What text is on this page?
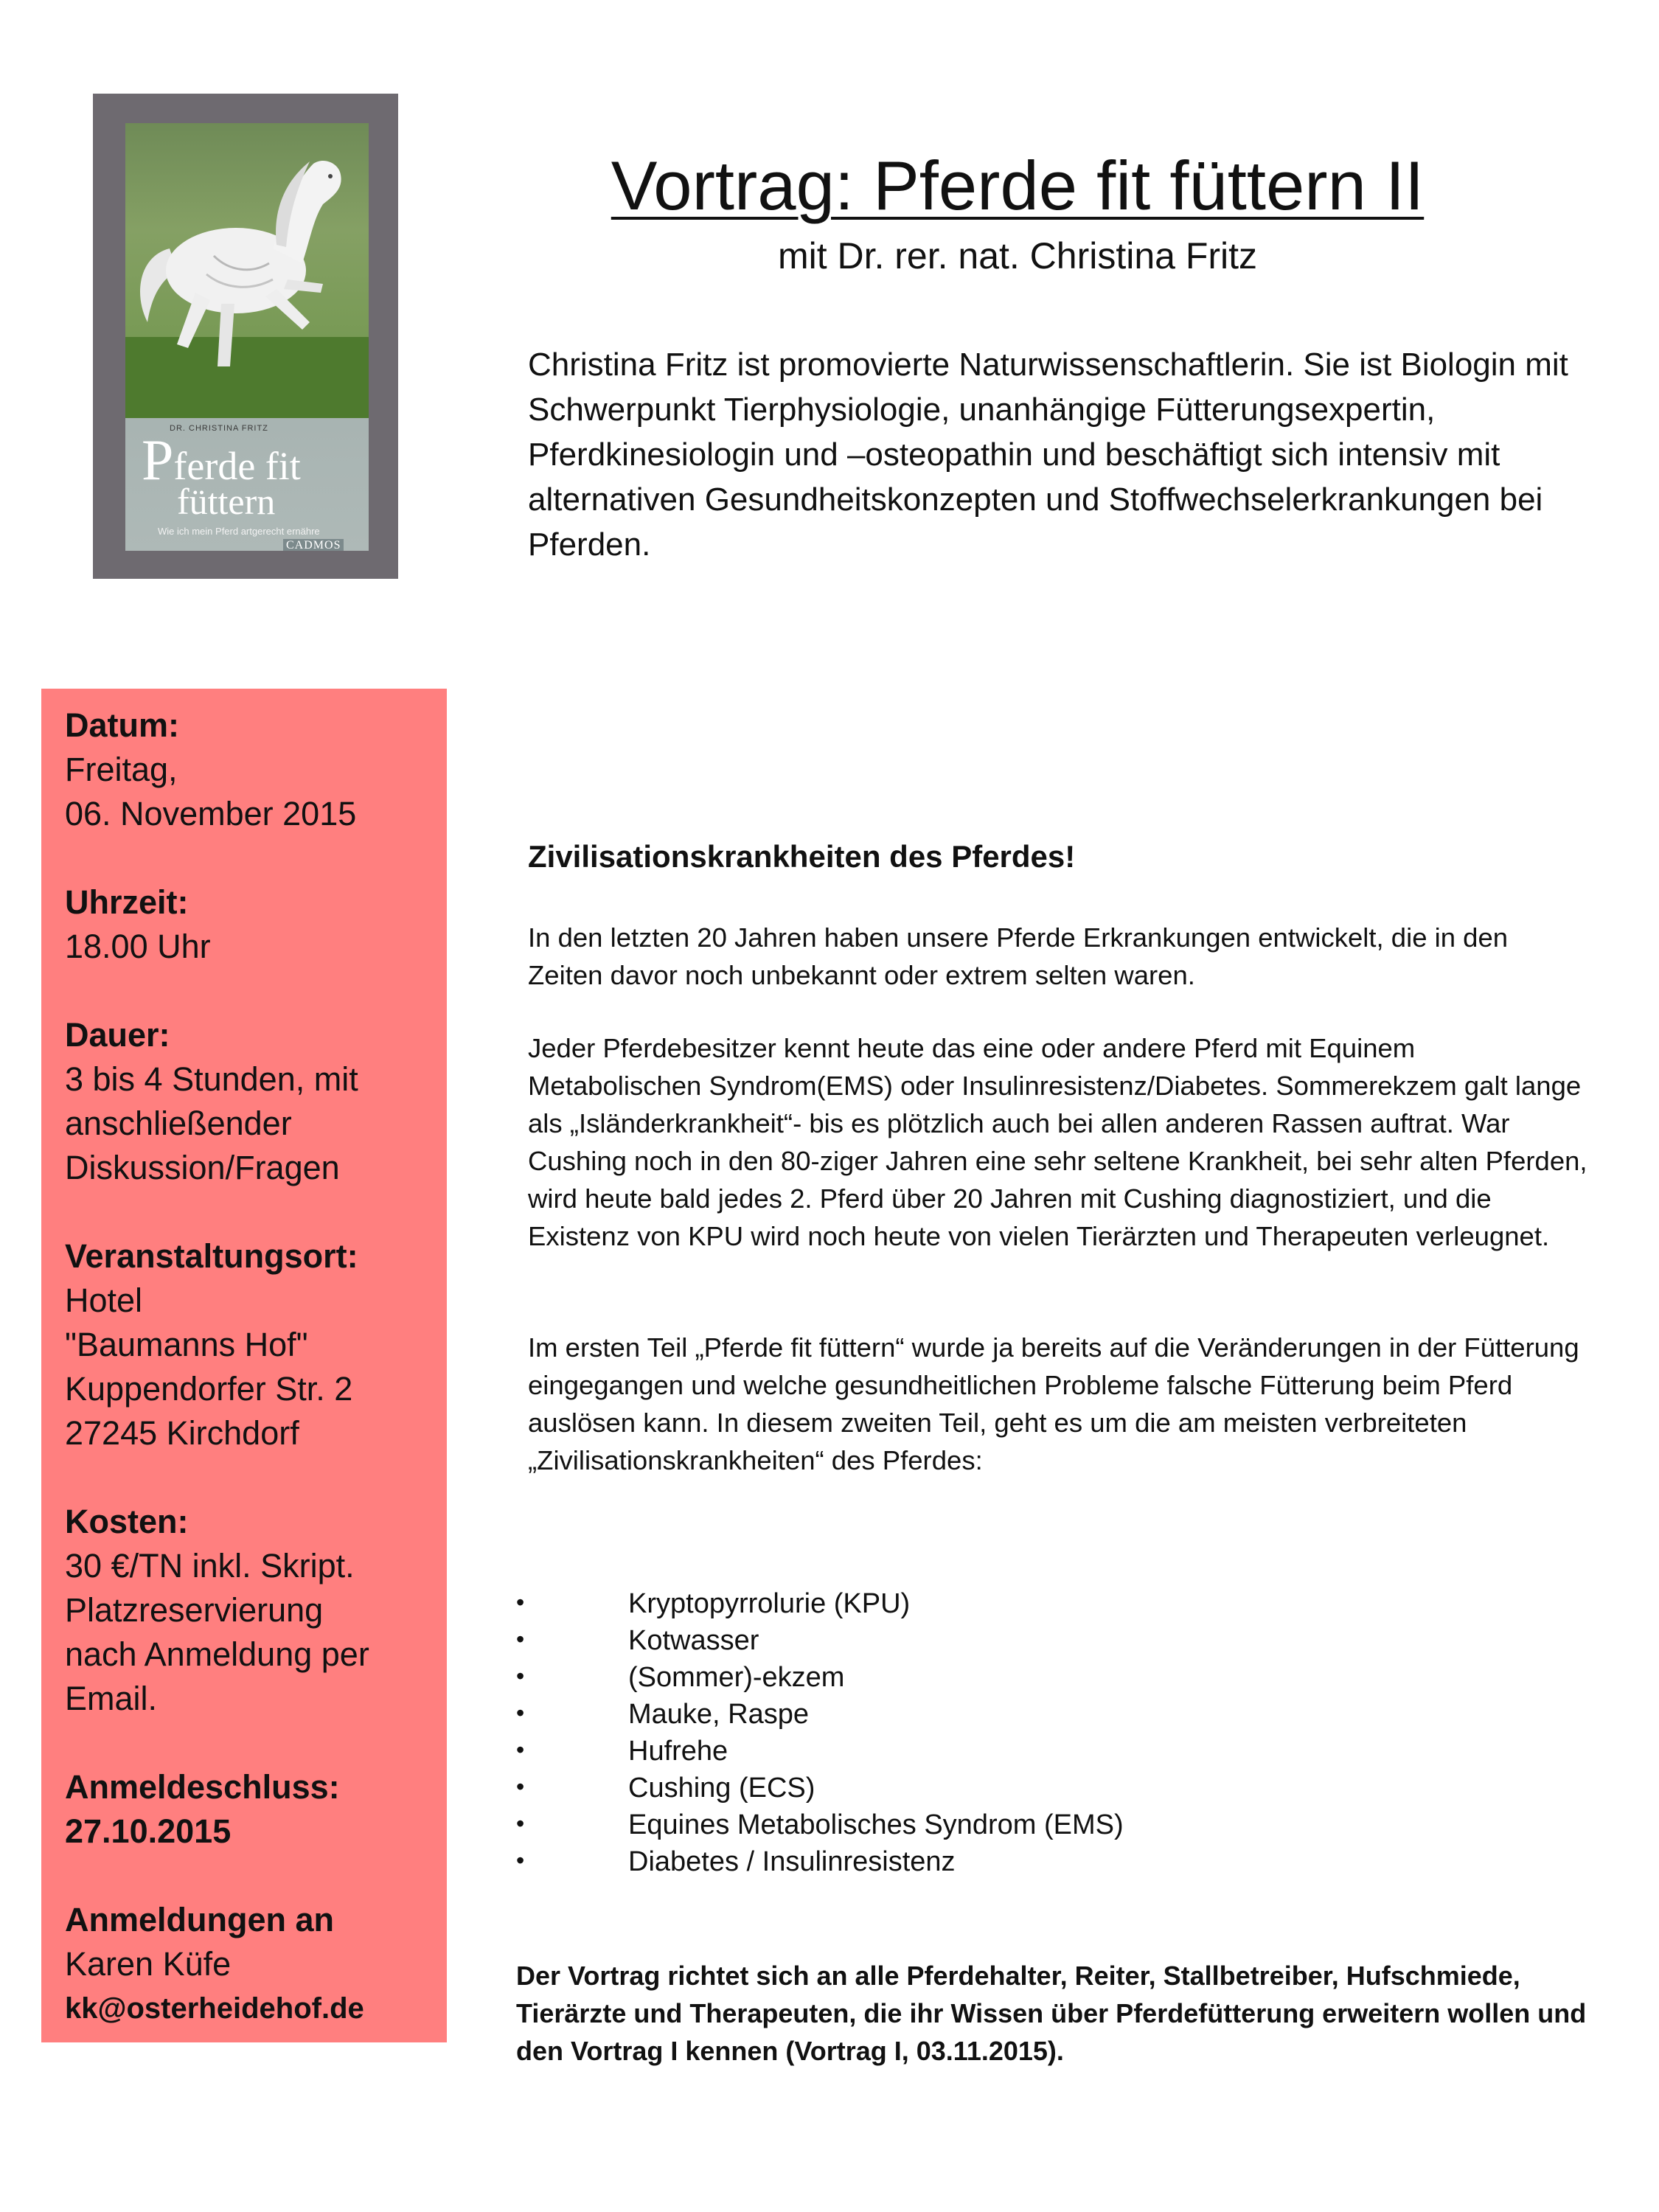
DR. CHRISTINA FRITZ
Pferde fit
füttern
Wie ich mein Pferd artgerecht ernähre
CADMOS
Vortrag: Pferde fit füttern II
mit Dr. rer. nat. Christina Fritz
Christina Fritz ist promovierte Naturwissenschaftlerin. Sie ist Biologin mit Schwerpunkt Tierphysiologie, unanhängige Fütterungsexpertin, Pferdkinesiologin und –osteopathin und beschäftigt sich intensiv mit alternativen Gesundheitskonzepten und Stoffwechselerkrankungen bei Pferden.
Datum:
Freitag,
06. November 2015
Uhrzeit:
18.00 Uhr
Dauer:
3 bis 4 Stunden, mit
anschließender
Diskussion/Fragen
Veranstaltungsort:
Hotel
"Baumanns Hof"
Kuppendorfer Str. 2
27245 Kirchdorf
Kosten:
30 €/TN inkl. Skript.
Platzreservierung
nach Anmeldung per
Email.
Anmeldeschluss:
27.10.2015
Anmeldungen an
Karen Küfe
kk@osterheidehof.de
Zivilisationskrankheiten des Pferdes!
In den letzten 20 Jahren haben unsere Pferde Erkrankungen entwickelt, die in den Zeiten davor noch unbekannt oder extrem selten waren.
Jeder Pferdebesitzer kennt heute das eine oder andere Pferd mit Equinem Metabolischen Syndrom(EMS) oder Insulinresistenz/Diabetes. Sommerekzem galt lange als „Isländerkrankheit“- bis es plötzlich auch bei allen anderen Rassen auftrat. War Cushing noch in den 80-ziger Jahren eine sehr seltene Krankheit, bei sehr alten Pferden, wird heute bald jedes 2. Pferd über 20 Jahren mit Cushing diagnostiziert, und die Existenz von KPU wird noch heute von vielen Tierärzten und Therapeuten verleugnet.
Im ersten Teil „Pferde fit füttern“ wurde ja bereits auf die Veränderungen in der Fütterung eingegangen und welche gesundheitlichen Probleme falsche Fütterung beim Pferd auslösen kann. In diesem zweiten Teil, geht es um die am meisten verbreiteten „Zivilisationskrankheiten“ des Pferdes:
• Kryptopyrrolurie (KPU)
• Kotwasser
• (Sommer)-ekzem
• Mauke, Raspe
• Hufrehe
• Cushing (ECS)
• Equines Metabolisches Syndrom (EMS)
• Diabetes / Insulinresistenz
Der Vortrag richtet sich an alle Pferdehalter, Reiter, Stallbetreiber, Hufschmiede, Tierärzte und Therapeuten, die ihr Wissen über Pferdefütterung erweitern wollen und den Vortrag I kennen (Vortrag I, 03.11.2015).
